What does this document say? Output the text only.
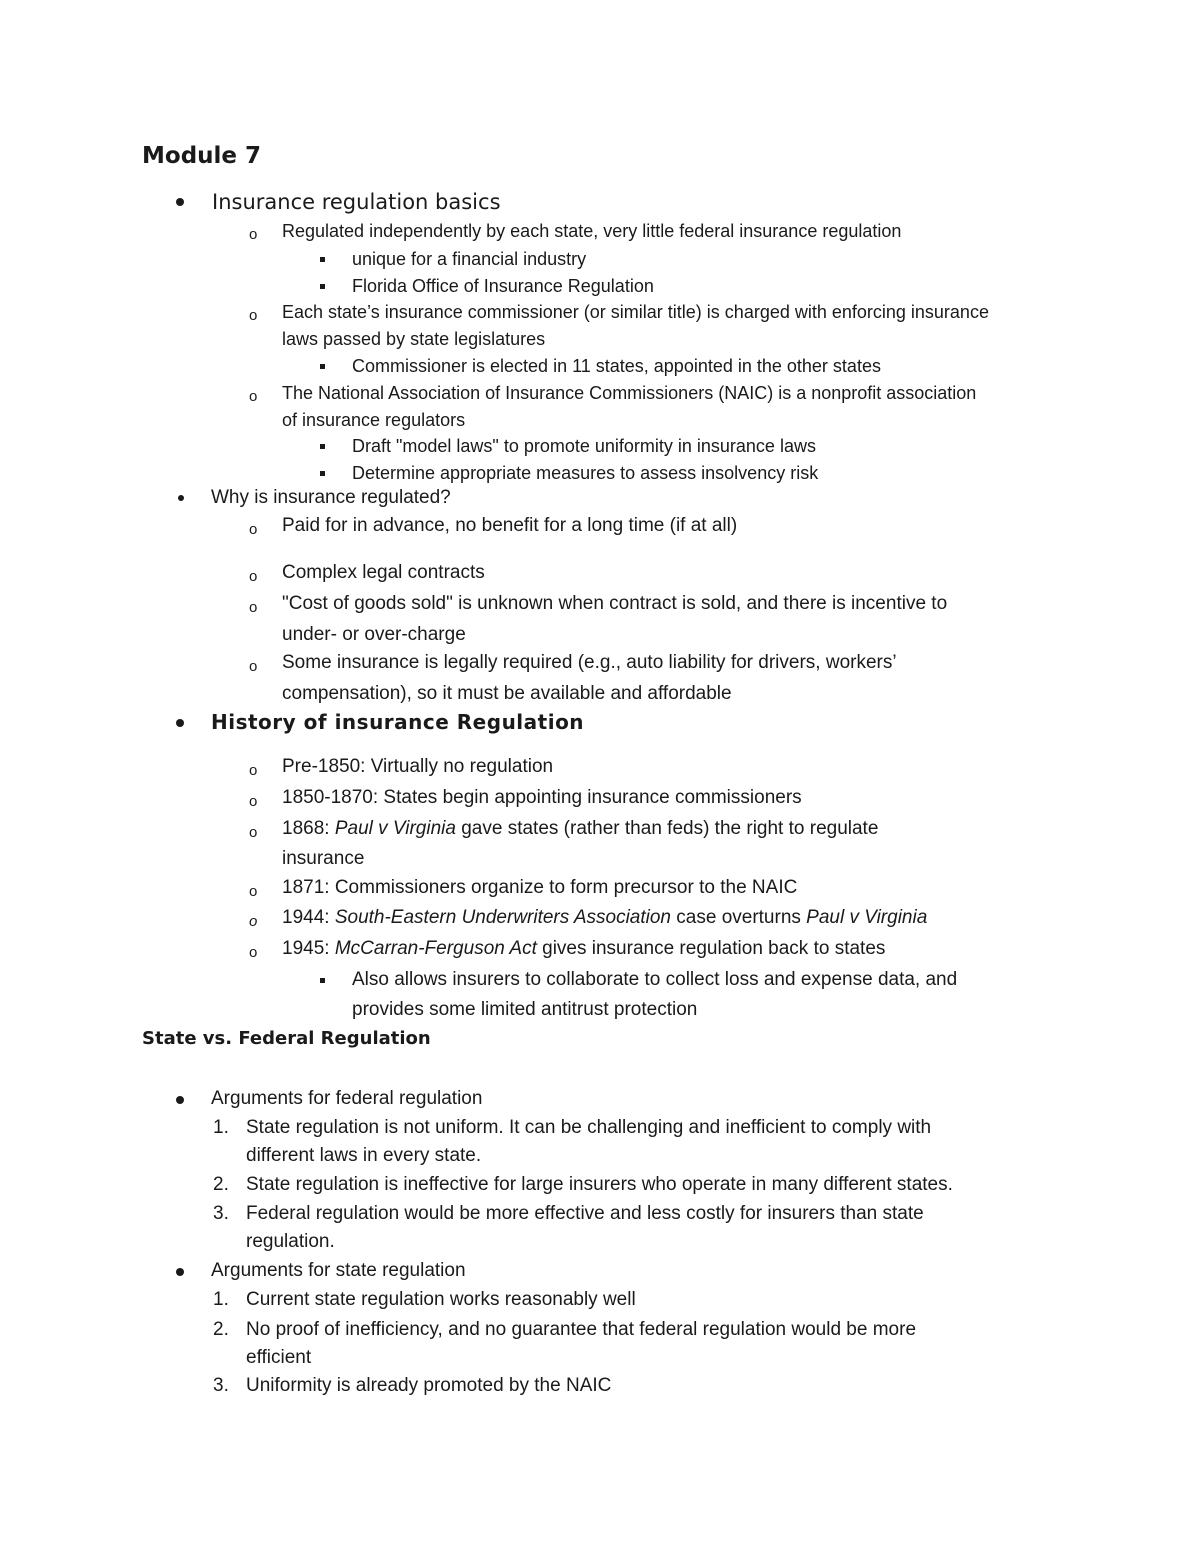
Module 7
Insurance regulation basics
o Regulated independently by each state, very little federal insurance regulation
unique for a financial industry
Florida Office of Insurance Regulation
o Each state’s insurance commissioner (or similar title) is charged with enforcing insurance
laws passed by state legislatures
Commissioner is elected in 11 states, appointed in the other states
o The National Association of Insurance Commissioners (NAIC) is a nonprofit association
of insurance regulators
Draft "model laws" to promote uniformity in insurance laws
Determine appropriate measures to assess insolvency risk
Why is insurance regulated?
o Paid for in advance, no benefit for a long time (if at all)
o Complex legal contracts
o "Cost of goods sold" is unknown when contract is sold, and there is incentive to
under- or over-charge
o Some insurance is legally required (e.g., auto liability for drivers, workers’
compensation), so it must be available and affordable
History of insurance Regulation
o Pre-1850: Virtually no regulation
o 1850-1870: States begin appointing insurance commissioners
o 1868: Paul v Virginia gave states (rather than feds) the right to regulate
insurance
o 1871: Commissioners organize to form precursor to the NAIC
o 1944: South-Eastern Underwriters Association case overturns Paul v Virginia
o 1945: McCarran-Ferguson Act gives insurance regulation back to states
Also allows insurers to collaborate to collect loss and expense data, and
provides some limited antitrust protection
State vs. Federal Regulation
Arguments for federal regulation
1. State regulation is not uniform. It can be challenging and inefficient to comply with
different laws in every state.
2. State regulation is ineffective for large insurers who operate in many different states.
3. Federal regulation would be more effective and less costly for insurers than state
regulation.
Arguments for state regulation
1. Current state regulation works reasonably well
2. No proof of inefficiency, and no guarantee that federal regulation would be more
efficient
3. Uniformity is already promoted by the NAIC
